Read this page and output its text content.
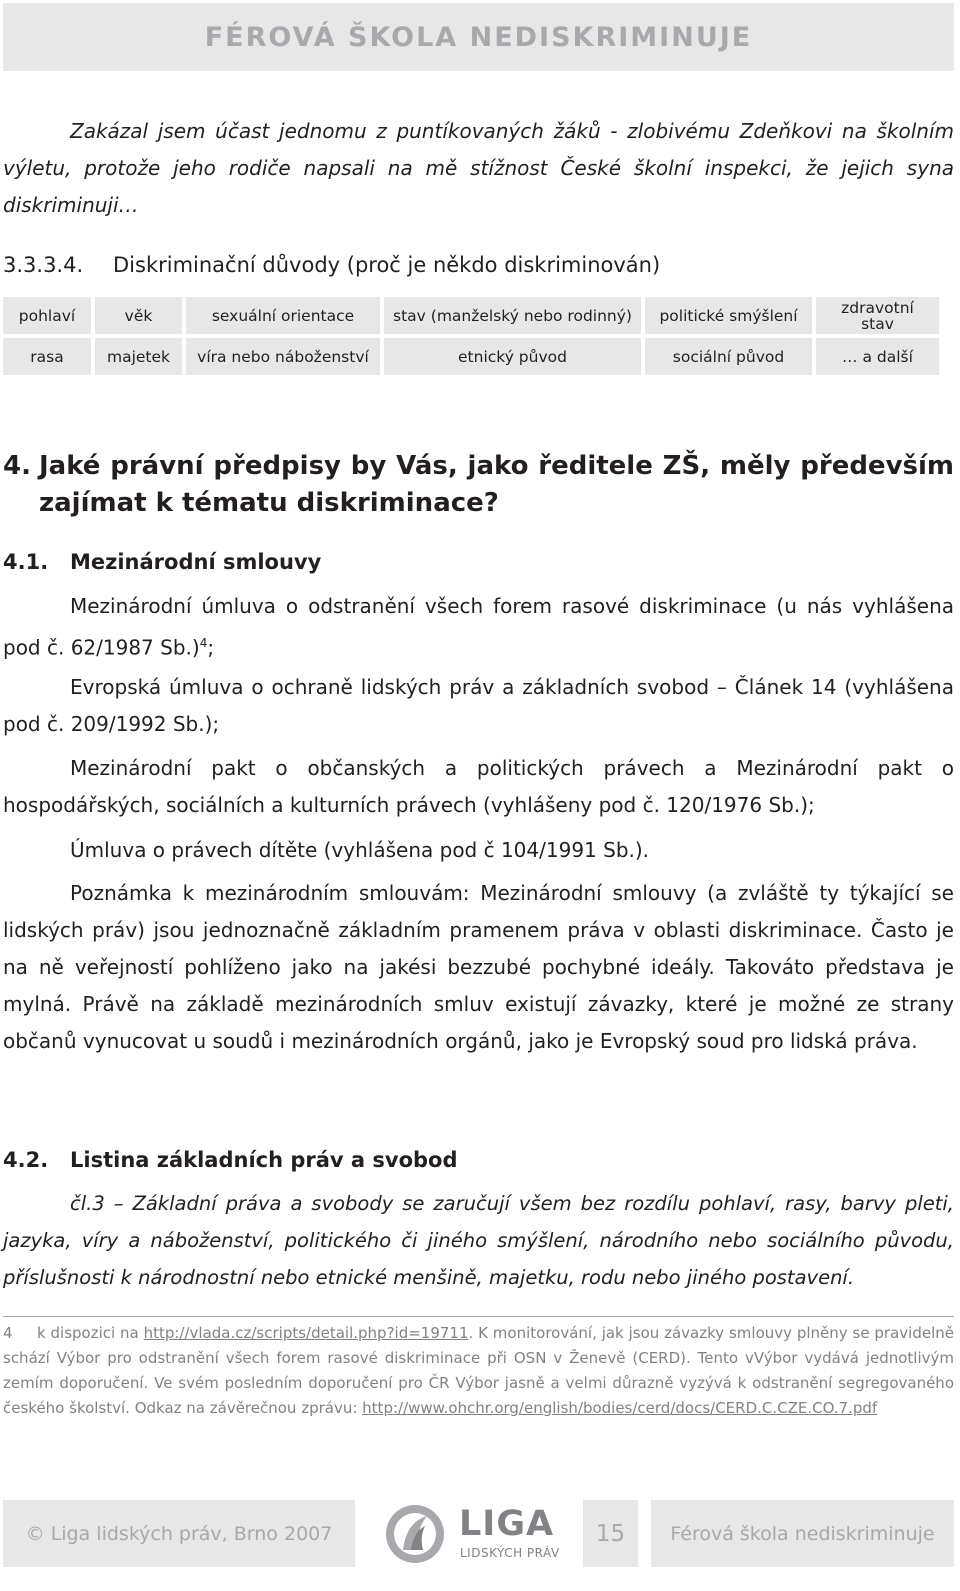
FÉROVÁ ŠKOLA NEDISKRIMINUJE

Zakázal jsem účast jednomu z puntíkovaných žáků - zlobivému Zdeňkovi na školním výletu, protože jeho rodiče napsali na mě stížnost České školní inspekci, že jejich syna diskriminuji…

3.3.3.4. Diskriminační důvody (proč je někdo diskriminován)
pohlaví	věk	sexuální orientace	stav (manželský nebo rodinný)	politické smýšlení	zdravotní stav
rasa	majetek	víra nebo náboženství	etnický původ	sociální původ	… a další
4. Jaké právní předpisy by Vás, jako ředitele ZŠ, měly především zajímat k tématu diskriminace?
4.1. Mezinárodní smlouvy

Mezinárodní úmluva o odstranění všech forem rasové diskriminace (u nás vyhlášena pod č. 62/1987 Sb.)$^4$;

Evropská úmluva o ochraně lidských práv a základních svobod – Článek 14 (vyhlášena pod č. 209/1992 Sb.);

Mezinárodní pakt o občanských a politických právech a Mezinárodní pakt o hospodářských, sociálních a kulturních právech (vyhlášeny pod č. 120/1976 Sb.);

Úmluva o právech dítěte (vyhlášena pod č 104/1991 Sb.).

Poznámka k mezinárodním smlouvám: Mezinárodní smlouvy (a zvláště ty týkající se lidských práv) jsou jednoznačně základním pramenem práva v oblasti diskriminace. Často je na ně veřejností pohlíženo jako na jakési bezzubé pochybné ideály. Takováto představa je mylná. Právě na základě mezinárodních smluv existují závazky, které je možné ze strany občanů vynucovat u soudů i mezinárodních orgánů, jako je Evropský soud pro lidská práva.

4.2. Listina základních práv a svobod

čl.3 – Základní práva a svobody se zaručují všem bez rozdílu pohlaví, rasy, barvy pleti, jazyka, víry a náboženství, politického či jiného smýšlení, národního nebo sociálního původu, příslušnosti k národnostní nebo etnické menšině, majetku, rodu nebo jiného postavení.

4 k dispozici na http://vlada.cz/scripts/detail.php?id=19711. K monitorování, jak jsou závazky smlouvy plněny se pravidelně schází Výbor pro odstranění všech forem rasové diskriminace při OSN v Ženevě (CERD). Tento vVýbor vydává jednotlivým zemím doporučení. Ve svém posledním doporučení pro ČR Výbor jasně a velmi důrazně vyzývá k odstranění segregovaného českého školství. Odkaz na závěrečnou zprávu: http://www.ohchr.org/english/bodies/cerd/docs/CERD.C.CZE.CO.7.pdf

© Liga lidských práv, Brno 2007	LIGA
LIDSKÝCH PRÁV
15 Férová škola nediskriminuje
